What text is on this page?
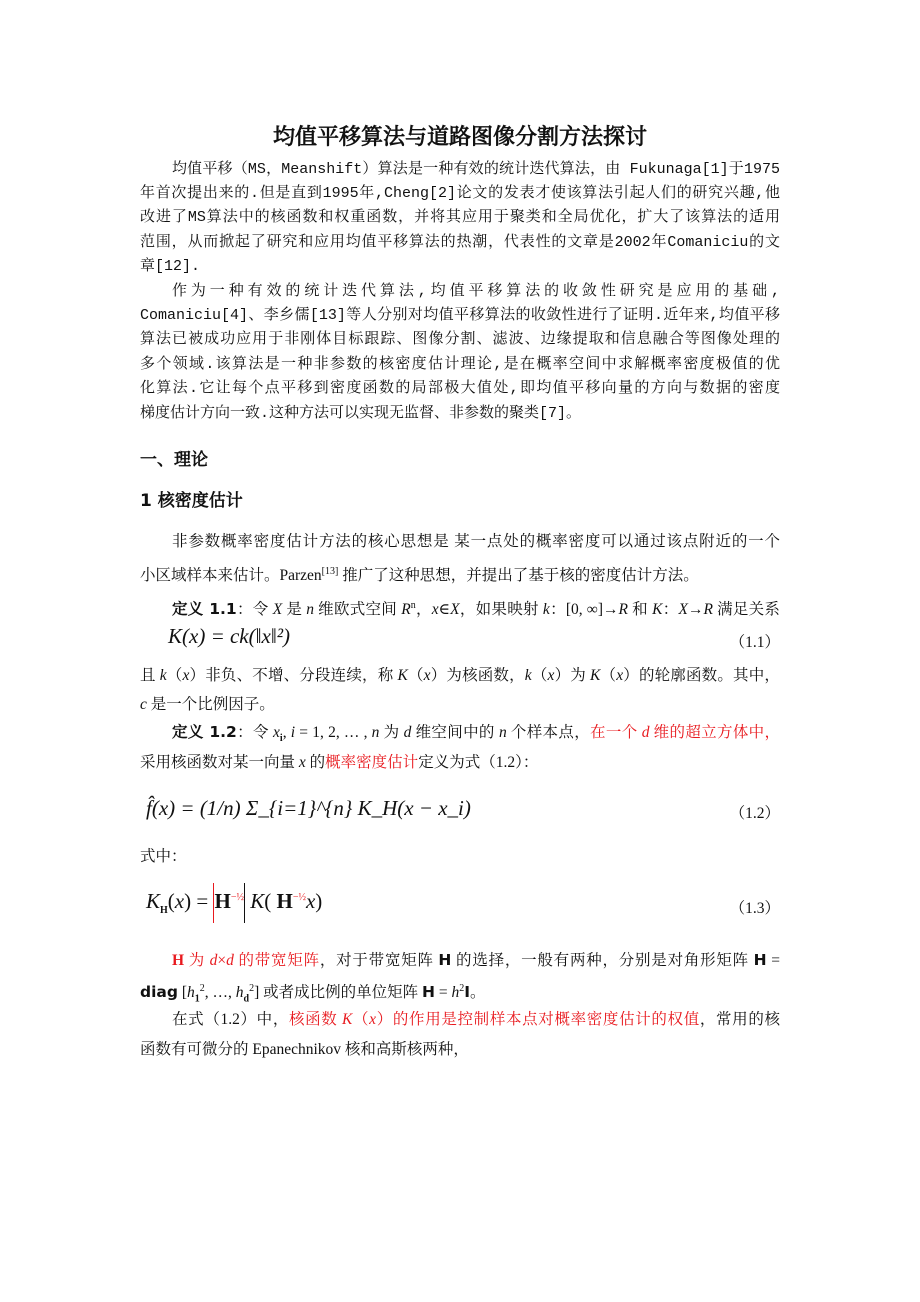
均值平移算法与道路图像分割方法探讨
一、理论
1 核密度估计
K(x) = ck(‖x‖²)	（1.1）
f̂(x) = (1/n) Σ_{i=1}^{n} K_H(x − x_i)	（1.2）
$K_H(x) = H^{-\frac{1}{2}}$ K( $H^{-\frac{1}{2}}x$)	（1.3）
均值平移（MS，Meanshift）算法是一种有效的统计迭代算法，由 Fukunaga[1]于1975
年首次提出来的.但是直到1995年,Cheng[2]论文的发表才使该算法引起人们的研究兴趣,他
改进了MS算法中的核函数和权重函数，并将其应用于聚类和全局优化，扩大了该算法的适用
范围，从而掀起了研究和应用均值平移算法的热潮，代表性的文章是2002年Comaniciu的文
章[12].
作为一种有效的统计迭代算法,均值平移算法的收敛性研究是应用的基础,
Comaniciu[4]、李乡儒[13]等人分别对均值平移算法的收敛性进行了证明.近年来,均值平移
算法已被成功应用于非刚体目标跟踪、图像分割、滤波、边缘提取和信息融合等图像处理的
多个领域.该算法是一种非参数的核密度估计理论,是在概率空间中求解概率密度极值的优
化算法.它让每个点平移到密度函数的局部极大值处,即均值平移向量的方向与数据的密度
梯度估计方向一致.这种方法可以实现无监督、非参数的聚类[7]。
非参数概率密度估计方法的核心思想是 某一点处的概率密度可以通过该点附近的一个
小区域样本来估计。Parzen[13] 推广了这种思想，并提出了基于核的密度估计方法。
定义 1.1：令 X 是 n 维欧式空间 $R^n$，x∈X，如果映射 k：[0, ∞]→R 和 K：X→R 满足关系
且 k（x）非负、不增、分段连续，称 K（x）为核函数，k（x）为 K（x）的轮廓函数。其中，
c 是一个比例因子。
定义 1.2：令 $x_i$, i = 1, 2, … , n 为 d 维空间中的 n 个样本点，在一个 d 维的超立方体中，
采用核函数对某一向量 x 的概率密度估计定义为式（1.2）：
式中：
H 为 d×d 的带宽矩阵，对于带宽矩阵 H 的选择，一般有两种，分别是对角形矩阵 H =
diag [$h_1^2$, …, $h_d^2$] 或者成比例的单位矩阵 $H = h^2I$。
在式（1.2）中，核函数 K（x）的作用是控制样本点对概率密度估计的权值，常用的核
函数有可微分的 Epanechnikov 核和高斯核两种，
